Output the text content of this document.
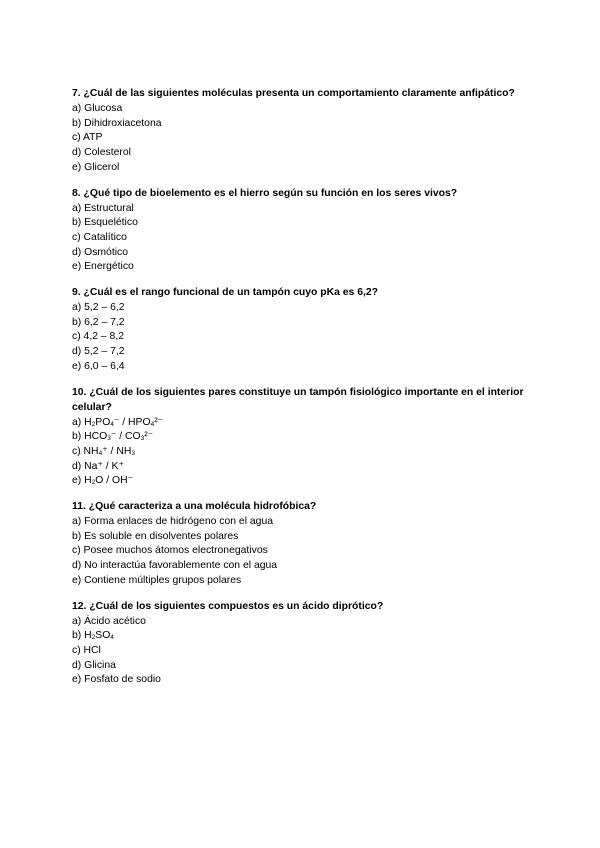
7. ¿Cuál de las siguientes moléculas presenta un comportamiento claramente anfipático?
a) Glucosa
b) Dihidroxiacetona
c) ATP
d) Colesterol
e) Glicerol
8. ¿Qué tipo de bioelemento es el hierro según su función en los seres vivos?
a) Estructural
b) Esquelético
c) Catalítico
d) Osmótico
e) Energético
9. ¿Cuál es el rango funcional de un tampón cuyo pKa es 6,2?
a) 5,2 – 6,2
b) 6,2 – 7,2
c) 4,2 – 8,2
d) 5,2 – 7,2
e) 6,0 – 6,4
10. ¿Cuál de los siguientes pares constituye un tampón fisiológico importante en el interior celular?
a) $H_2PO_4^- / HPO_4^{2-}$
b) $HCO_3^- / CO_3^{2-}$
c) $NH_4^+ / NH_3$
d) Na⁺ / K⁺
e) $H_2O / OH^-$
11. ¿Qué caracteriza a una molécula hidrofóbica?
a) Forma enlaces de hidrógeno con el agua
b) Es soluble en disolventes polares
c) Posee muchos átomos electronegativos
d) No interactúa favorablemente con el agua
e) Contiene múltiples grupos polares
12. ¿Cuál de los siguientes compuestos es un ácido diprótico?
a) Ácido acético
b) $H_2SO_4$
c) HCl
d) Glicina
e) Fosfato de sodio
